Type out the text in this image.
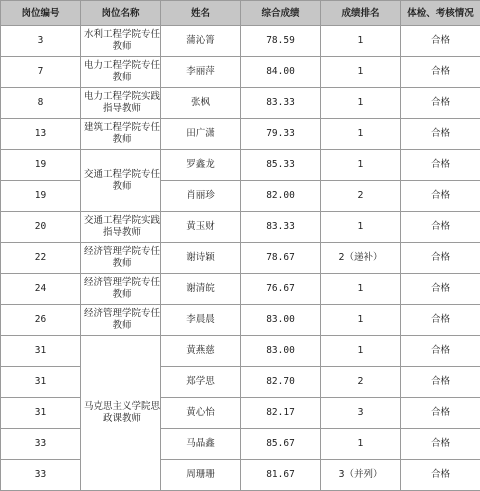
岗位编号	岗位名称	姓名	综合成绩	成绩排名	体检、考核情况
3	水利工程学院专任教师	蒲沁箐	78.59	1	合格
7	电力工程学院专任教师	李丽萍	84.00	1	合格
8	电力工程学院实践指导教师	张枫	83.33	1	合格
13	建筑工程学院专任教师	田广潇	79.33	1	合格
19	交通工程学院专任教师	罗鑫龙	85.33	1	合格
19		肖丽珍	82.00	2	合格
20	交通工程学院实践指导教师	黄玉财	83.33	1	合格
22	经济管理学院专任教师	谢诗颖	78.67	2（递补）	合格
24	经济管理学院专任教师	谢清皖	76.67	1	合格
26	经济管理学院专任教师	李晨晨	83.00	1	合格
31	马克思主义学院思政课教师	黄燕慈	83.00	1	合格
31		郑学思	82.70	2	合格
31		黄心怡	82.17	3	合格
33		马晶鑫	85.67	1	合格
33		周珊珊	81.67	3（并列）	合格
